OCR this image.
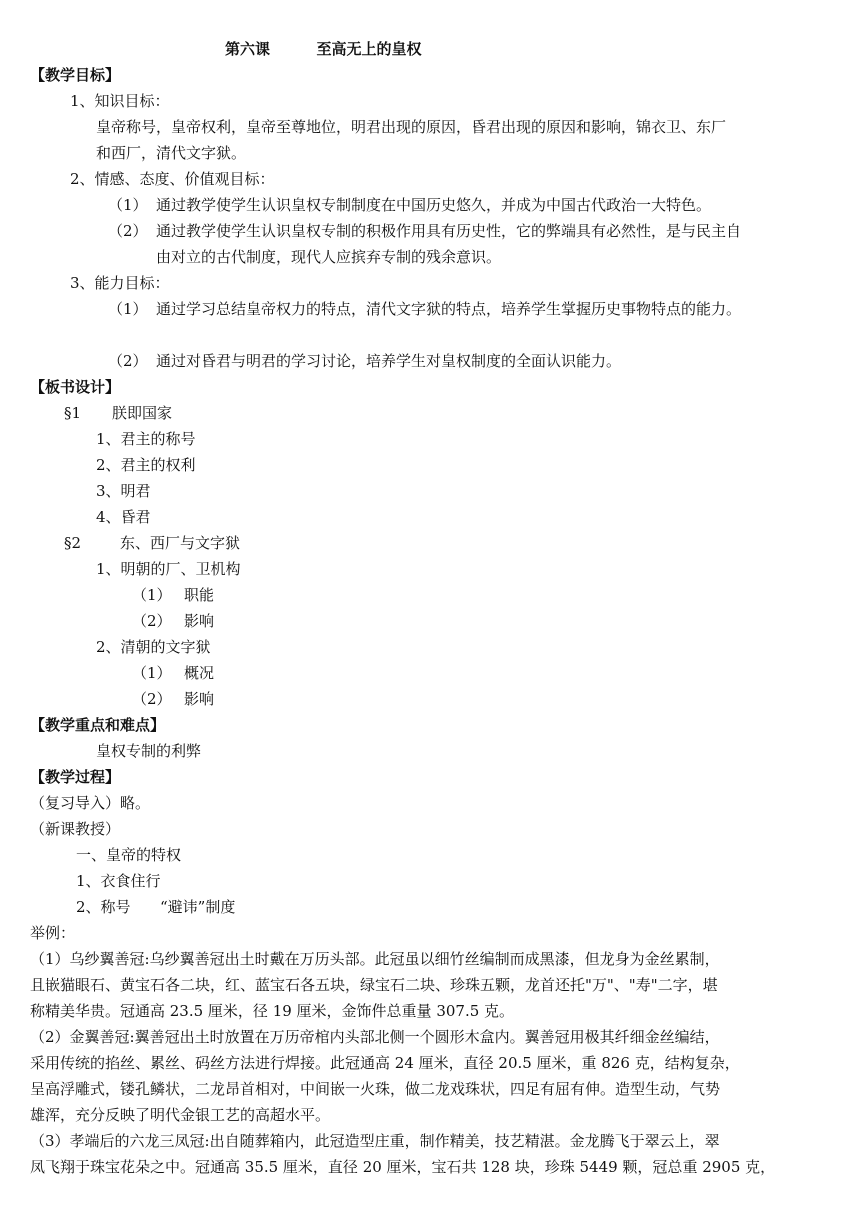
第六课	至高无上的皇权
【教学目标】
1、知识目标：
皇帝称号，皇帝权利，皇帝至尊地位，明君出现的原因，昏君出现的原因和影响，锦衣卫、东厂
和西厂，清代文字狱。
2、情感、态度、价值观目标：
（1） 通过教学使学生认识皇权专制制度在中国历史悠久，并成为中国古代政治一大特色。
（2） 通过教学使学生认识皇权专制的积极作用具有历史性，它的弊端具有必然性，是与民主自
由对立的古代制度，现代人应摈弃专制的残余意识。
3、能力目标：
（1） 通过学习总结皇帝权力的特点，清代文字狱的特点，培养学生掌握历史事物特点的能力。
（2） 通过对昏君与明君的学习讨论，培养学生对皇权制度的全面认识能力。
【板书设计】
§1 朕即国家
1、君主的称号
2、君主的权利
3、明君
4、昏君
§2	东、西厂与文字狱
1、明朝的厂、卫机构
（1） 职能
（2） 影响
2、清朝的文字狱
（1） 概况
（2） 影响
【教学重点和难点】
皇权专制的利弊
【教学过程】
（复习导入）略。
（新课教授）
一、皇帝的特权
1、衣食住行
2、称号 “避讳”制度
举例：
（1）乌纱翼善冠:乌纱翼善冠出土时戴在万历头部。此冠虽以细竹丝编制而成黑漆，但龙身为金丝累制，
且嵌猫眼石、黄宝石各二块，红、蓝宝石各五块，绿宝石二块、珍珠五颗，龙首还托"万"、"寿"二字，堪
称精美华贵。冠通高 23.5 厘米，径 19 厘米，金饰件总重量 307.5 克。
（2）金翼善冠:翼善冠出土时放置在万历帝棺内头部北侧一个圆形木盒内。翼善冠用极其纤细金丝编结，
采用传统的掐丝、累丝、码丝方法进行焊接。此冠通高 24 厘米，直径 20.5 厘米，重 826 克，结构复杂，
呈高浮雕式，镂孔鳞状，二龙昂首相对，中间嵌一火珠，做二龙戏珠状，四足有屈有伸。造型生动，气势
雄浑，充分反映了明代金银工艺的高超水平。
（3）孝端后的六龙三凤冠:出自随葬箱内，此冠造型庄重，制作精美，技艺精湛。金龙腾飞于翠云上，翠
凤飞翔于珠宝花朵之中。冠通高 35.5 厘米，直径 20 厘米，宝石共 128 块，珍珠 5449 颗，冠总重 2905 克，
